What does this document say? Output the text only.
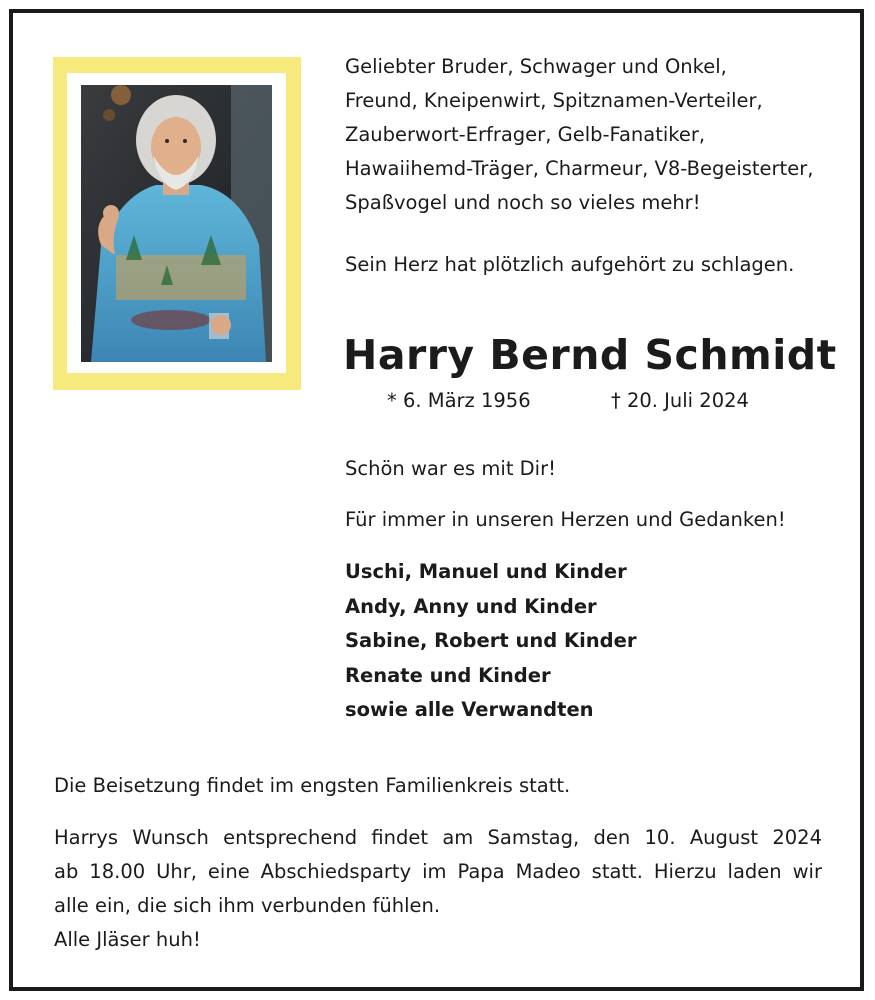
Geliebter Bruder, Schwager und Onkel,
Freund, Kneipenwirt, Spitznamen-Verteiler,
Zauberwort-Erfrager, Gelb-Fanatiker,
Hawaiihemd-Träger, Charmeur, V8-Begeisterter,
Spaßvogel und noch so vieles mehr!
Sein Herz hat plötzlich aufgehört zu schlagen.
Harry Bernd Schmidt
* 6. März 1956	† 20. Juli 2024
Schön war es mit Dir!
Für immer in unseren Herzen und Gedanken!
Uschi, Manuel und Kinder
Andy, Anny und Kinder
Sabine, Robert und Kinder
Renate und Kinder
sowie alle Verwandten
Die Beisetzung findet im engsten Familienkreis statt.
Harrys Wunsch entsprechend findet am Samstag, den 10. August 2024
ab 18.00 Uhr, eine Abschiedsparty im Papa Madeo statt. Hierzu laden wir
alle ein, die sich ihm verbunden fühlen.
Alle Jläser huh!
